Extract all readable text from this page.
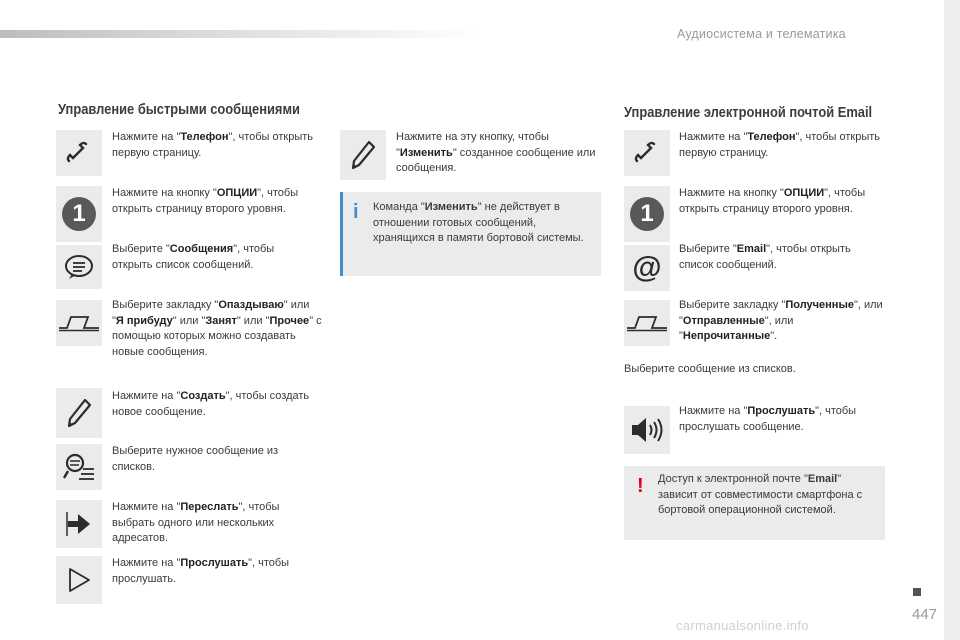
Аудиосистема и телематика
Управление быстрыми сообщениями
Нажмите на "Телефон", чтобы открыть первую страницу.
1
Нажмите на кнопку "ОПЦИИ", чтобы открыть страницу второго уровня.
Выберите "Сообщения", чтобы открыть список сообщений.
Выберите закладку "Опаздываю" или "Я прибуду" или "Занят" или "Прочее" с помощью которых можно создавать новые сообщения.
Нажмите на "Создать", чтобы создать новое сообщение.
Выберите нужное сообщение из списков.
Нажмите на "Переслать", чтобы выбрать одного или нескольких адресатов.
Нажмите на "Прослушать", чтобы прослушать.
Нажмите на эту кнопку, чтобы "Изменить" созданное сообщение или сообщения.
i Команда "Изменить" не действует в отношении готовых сообщений, хранящихся в памяти бортовой системы.
Управление электронной почтой Email
Нажмите на "Телефон", чтобы открыть первую страницу.
1
Нажмите на кнопку "ОПЦИИ", чтобы открыть страницу второго уровня.
@
Выберите "Email", чтобы открыть список сообщений.
Выберите закладку "Полученные", или "Отправленные", или "Непрочитанные".
Выберите сообщение из списков.
Нажмите на "Прослушать", чтобы прослушать сообщение.
! Доступ к электронной почте "Email" зависит от совместимости смартфона с бортовой операционной системой.
447
carmanualsonline.info
